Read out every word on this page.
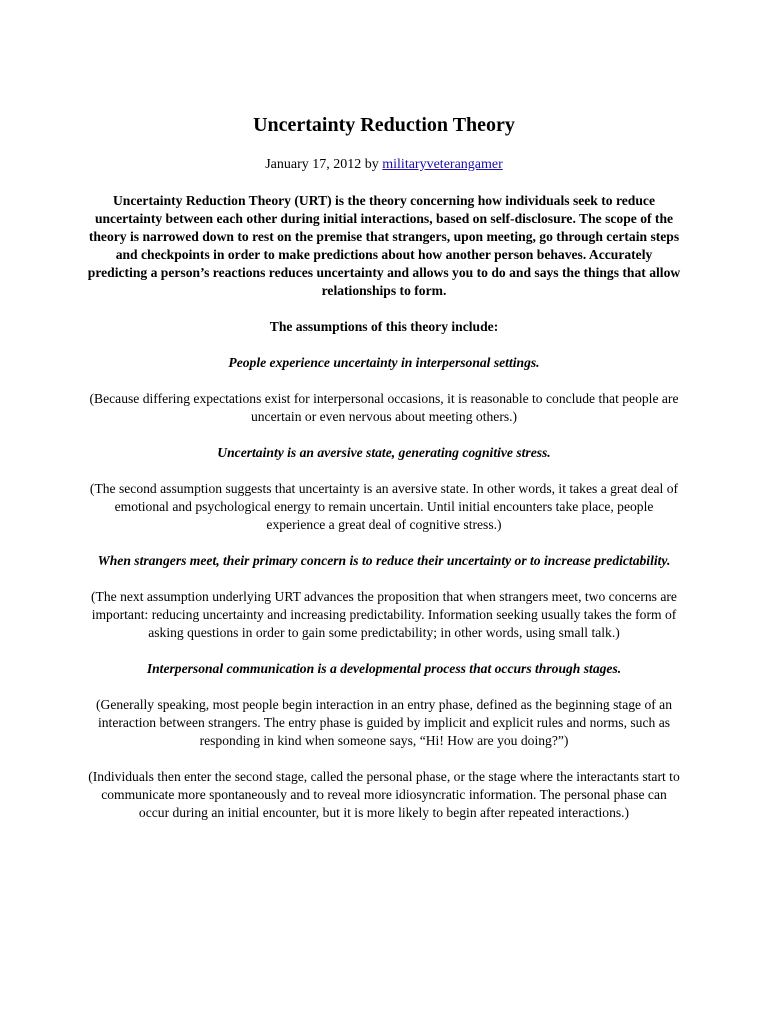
Uncertainty Reduction Theory
January 17, 2012 by militaryveterangamer

Uncertainty Reduction Theory (URT) is the theory concerning how individuals seek to reduce uncertainty between each other during initial interactions, based on self-disclosure. The scope of the theory is narrowed down to rest on the premise that strangers, upon meeting, go through certain steps and checkpoints in order to make predictions about how another person behaves. Accurately predicting a person’s reactions reduces uncertainty and allows you to do and says the things that allow relationships to form.

The assumptions of this theory include:

People experience uncertainty in interpersonal settings.

(Because differing expectations exist for interpersonal occasions, it is reasonable to conclude that people are uncertain or even nervous about meeting others.)

Uncertainty is an aversive state, generating cognitive stress.

(The second assumption suggests that uncertainty is an aversive state. In other words, it takes a great deal of emotional and psychological energy to remain uncertain. Until initial encounters take place, people experience a great deal of cognitive stress.)

When strangers meet, their primary concern is to reduce their uncertainty or to increase predictability.

(The next assumption underlying URT advances the proposition that when strangers meet, two concerns are important: reducing uncertainty and increasing predictability. Information seeking usually takes the form of asking questions in order to gain some predictability; in other words, using small talk.)

Interpersonal communication is a developmental process that occurs through stages.

(Generally speaking, most people begin interaction in an entry phase, defined as the beginning stage of an interaction between strangers. The entry phase is guided by implicit and explicit rules and norms, such as responding in kind when someone says, “Hi! How are you doing?”)

(Individuals then enter the second stage, called the personal phase, or the stage where the interactants start to communicate more spontaneously and to reveal more idiosyncratic information. The personal phase can occur during an initial encounter, but it is more likely to begin after repeated interactions.)
